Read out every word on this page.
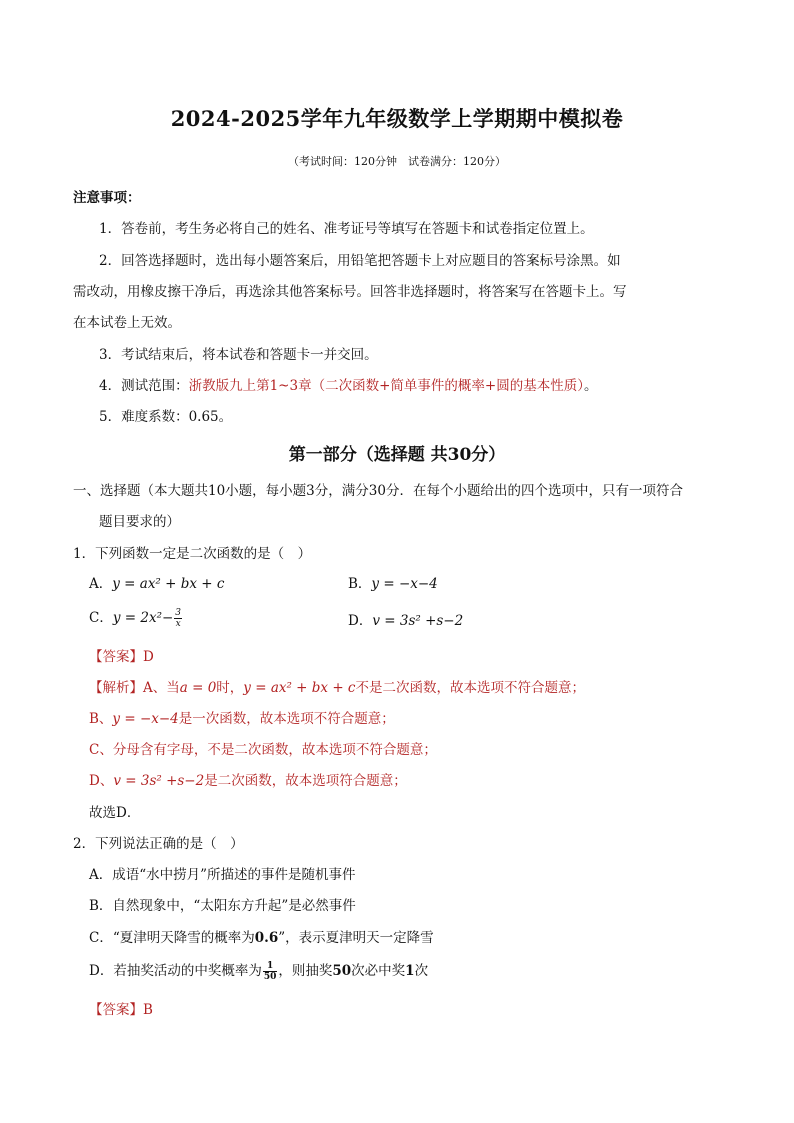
2024-2025学年九年级数学上学期期中模拟卷
（考试时间：120分钟　试卷满分：120分）
注意事项：
1．答卷前，考生务必将自己的姓名、准考证号等填写在答题卡和试卷指定位置上。
2．回答选择题时，选出每小题答案后，用铅笔把答题卡上对应题目的答案标号涂黑。如
需改动，用橡皮擦干净后，再选涂其他答案标号。回答非选择题时，将答案写在答题卡上。写
在本试卷上无效。
3．考试结束后，将本试卷和答题卡一并交回。
4．测试范围：浙教版九上第1~3章（二次函数+简单事件的概率+圆的基本性质）。
5．难度系数：0.65。
第一部分（选择题 共30分）
一、选择题（本大题共10小题，每小题3分，满分30分．在每个小题给出的四个选项中，只有一项符合
题目要求的）
1．下列函数一定是二次函数的是（　）
A．y = ax² + bx + c	B．y = −x−4
C．$y = 2x^2- \frac{3}{x}$	D．v = 3s² +s−2
【答案】D
【解析】A、当a = 0时，y = ax² + bx + c不是二次函数，故本选项不符合题意；
B、y = −x−4是一次函数，故本选项不符合题意；
C、分母含有字母，不是二次函数，故本选项不符合题意；
D、v = 3s² +s−2是二次函数，故本选项符合题意；
故选D．
2．下列说法正确的是（　）
A．成语“水中捞月”所描述的事件是随机事件
B．自然现象中，“太阳东方升起”是必然事件
C．“夏津明天降雪的概率为0.6”，表示夏津明天一定降雪
D．若抽奖活动的中奖概率为 $\frac{1}{50}$ ，则抽奖50次必中奖1次
【答案】B
